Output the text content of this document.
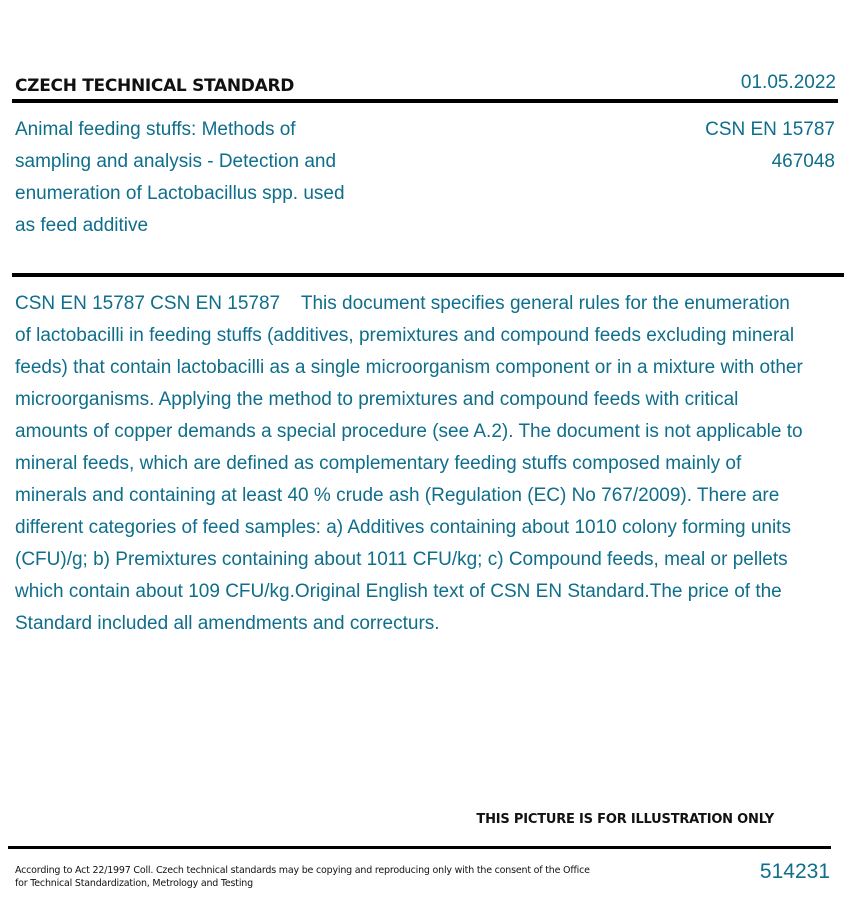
CZECH TECHNICAL STANDARD	01.05.2022
Animal feeding stuffs: Methods of sampling and analysis - Detection and enumeration of Lactobacillus spp. used as feed additive
CSN EN 15787
467048
CSN EN 15787 CSN EN 15787    This document specifies general rules for the enumeration of lactobacilli in feeding stuffs (additives, premixtures and compound feeds excluding mineral feeds) that contain lactobacilli as a single microorganism component or in a mixture with other microorganisms. Applying the method to premixtures and compound feeds with critical amounts of copper demands a special procedure (see A.2). The document is not applicable to mineral feeds, which are defined as complementary feeding stuffs composed mainly of minerals and containing at least 40 % crude ash (Regulation (EC) No 767/2009). There are different categories of feed samples: a) Additives containing about 1010 colony forming units (CFU)/g; b) Premixtures containing about 1011 CFU/kg; c) Compound feeds, meal or pellets which contain about 109 CFU/kg.Original English text of CSN EN Standard.The price of the Standard included all amendments and correcturs.
THIS PICTURE IS FOR ILLUSTRATION ONLY
According to Act 22/1997 Coll. Czech technical standards may be copying and reproducing only with the consent of the Office for Technical Standardization, Metrology and Testing
514231
